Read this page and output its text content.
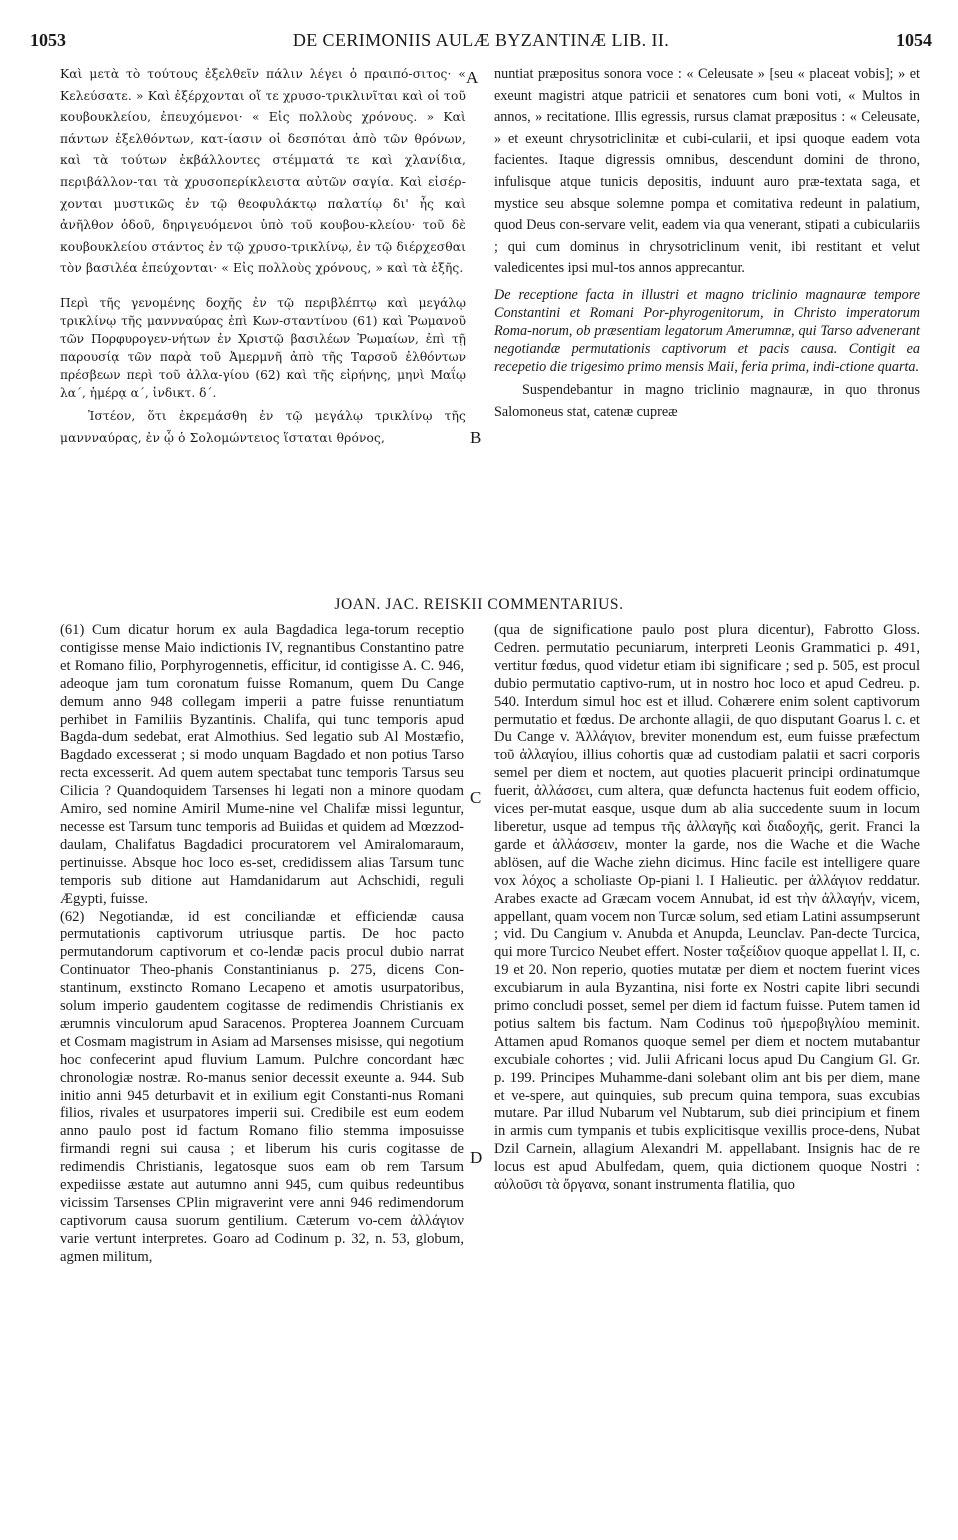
1053	DE CERIMONIIS AULÆ BYZANTINÆ LIB. II.	1054
A
B
C
D

Καὶ μετὰ τὸ τούτους ἐξελθεῖν πάλιν λέγει ὁ πραιπό-σιτος· « Κελεύσατε. » Καὶ ἐξέρχονται οἵ τε χρυσο-τρικλινῖται καὶ οἱ τοῦ κουβουκλείου, ἐπευχόμενοι· « Εἰς πολλοὺς χρόνους. » Καὶ πάντων ἐξελθόντων, κατ-ίασιν οἱ δεσπόται ἀπὸ τῶν θρόνων, καὶ τὰ τούτων ἐκβάλλοντες στέμματά τε καὶ χλανίδια, περιβάλλον-ται τὰ χρυσοπερίκλειστα αὐτῶν σαγία. Καὶ εἰσέρ-χονται μυστικῶς ἐν τῷ θεοφυλάκτῳ παλατίῳ δι' ἧς καὶ ἀνῆλθον ὁδοῦ, δηριγευόμενοι ὑπὸ τοῦ κουβου-κλείου· τοῦ δὲ κουβουκλείου στάντος ἐν τῷ χρυσο-τρικλίνῳ, ἐν τῷ διέρχεσθαι τὸν βασιλέα ἐπεύχονται· « Εἰς πολλοὺς χρόνους, » καὶ τὰ ἑξῆς.

Περὶ τῆς γενομένης δοχῆς ἐν τῷ περιβλέπτῳ καὶ μεγάλῳ τρικλίνῳ τῆς μαννναύρας ἐπὶ Κων-σταντίνου (61) καὶ Ῥωμανοῦ τῶν Πορφυρογεν-νήτων ἐν Χριστῷ βασιλέων Ῥωμαίων, ἐπὶ τῇ παρουσίᾳ τῶν παρὰ τοῦ Ἀμερμνῆ ἀπὸ τῆς Ταρσοῦ ἐλθόντων πρέσβεων περὶ τοῦ ἀλλα-γίου (62) καὶ τῆς εἰρήνης, μηνὶ Μαΐῳ λα΄, ἡμέρᾳ α΄, ἰνδικτ. δ΄.

Ἰστέον, ὅτι ἐκρεμάσθη ἐν τῷ μεγάλῳ τρικλίνῳ τῆς μαννναύρας, ἐν ᾧ ὁ Σολομώντειος ἵσταται θρόνος,

nuntiat præpositus sonora voce : « Celeusate » [seu « placeat vobis]; » et exeunt magistri atque patricii et senatores cum boni voti, « Multos in annos, » recitatione. Illis egressis, rursus clamat præpositus : « Celeusate, » et exeunt chrysotriclinitæ et cubi-cularii, et ipsi quoque eadem vota facientes. Itaque digressis omnibus, descendunt domini de throno, infulisque atque tunicis depositis, induunt auro præ-textata saga, et mystice seu absque solemne pompa et comitativa redeunt in palatium, quod Deus con-servare velit, eadem via qua venerant, stipati a cubiculariis ; qui cum dominus in chrysotriclinum venit, ibi restitant et velut valedicentes ipsi mul-tos annos apprecantur.

De receptione facta in illustri et magno triclinio magnauræ tempore Constantini et Romani Por-phyrogenitorum, in Christo imperatorum Roma-norum, ob præsentiam legatorum Amerumnæ, qui Tarso advenerant negotiandæ permutationis captivorum et pacis causa. Contigit ea recepetio die trigesimo primo mensis Maii, feria prima, indi-ctione quarta.

Suspendebantur in magno triclinio magnauræ, in quo thronus Salomoneus stat, catenæ cupreæ

JOAN. JAC. REISKII COMMENTARIUS.

(61) Cum dicatur horum ex aula Bagdadica lega-torum receptio contigisse mense Maio indictionis IV, regnantibus Constantino patre et Romano filio, Porphyrogennetis, efficitur, id contigisse A. C. 946, adeoque jam tum coronatum fuisse Romanum, quem Du Cange demum anno 948 collegam imperii a patre fuisse renuntiatum perhibet in Familiis Byzantinis. Chalifa, qui tunc temporis apud Bagda-dum sedebat, erat Almothius. Sed legatio sub Al Mostæfio, Bagdado excesserat ; si modo unquam Bagdado et non potius Tarso recta excesserit. Ad quem autem spectabat tunc temporis Tarsus seu Cilicia ? Quandoquidem Tarsenses hi legati non a minore quodam Amiro, sed nomine Amiril Mume-nine vel Chalifæ missi leguntur, necesse est Tarsum tunc temporis ad Buiidas et quidem ad Mœzzod-daulam, Chalifatus Bagdadici procuratorem vel Amiralomaraum, pertinuisse. Absque hoc loco es-set, credidissem alias Tarsum tunc temporis sub ditione aut Hamdanidarum aut Achschidi, reguli Ægypti, fuisse.

(62) Negotiandæ, id est conciliandæ et efficiendæ causa permutationis captivorum utriusque partis. De hoc pacto permutandorum captivorum et co-lendæ pacis procul dubio narrat Continuator Theo-phanis Constantinianus p. 275, dicens Con-stantinum, exstincto Romano Lecapeno et amotis usurpatoribus, solum imperio gaudentem cogitasse de redimendis Christianis ex ærumnis vinculorum apud Saracenos. Propterea Joannem Curcuam et Cosmam magistrum in Asiam ad Marsenses misisse, qui negotium hoc confecerint apud fluvium Lamum. Pulchre concordant hæc chronologiæ nostræ. Ro-manus senior decessit exeunte a. 944. Sub initio anni 945 deturbavit et in exilium egit Constanti-nus Romani filios, rivales et usurpatores imperii sui. Credibile est eum eodem anno paulo post id factum Romano filio stemma imposuisse firmandi regni sui causa ; et liberum his curis cogitasse de redimendis Christianis, legatosque suos eam ob rem Tarsum expediisse æstate aut autumno anni 945, cum quibus redeuntibus vicissim Tarsenses CPlin migraverint vere anni 946 redimendorum captivorum causa suorum gentilium. Cæterum vo-cem ἀλλάγιον varie vertunt interpretes. Goaro ad Codinum p. 32, n. 53, globum, agmen militum,

(qua de significatione paulo post plura dicentur), Fabrotto Gloss. Cedren. permutatio pecuniarum, interpreti Leonis Grammatici p. 491, vertitur fœdus, quod videtur etiam ibi significare ; sed p. 505, est procul dubio permutatio captivo-rum, ut in nostro hoc loco et apud Cedreu. p. 540. Interdum simul hoc est et illud. Cohærere enim solent captivorum permutatio et fœdus. De archonte allagii, de quo disputant Goarus l. c. et Du Cange v. Ἀλλάγιον, breviter monendum est, eum fuisse præfectum τοῦ ἀλλαγίου, illius cohortis quæ ad custodiam palatii et sacri corporis semel per diem et noctem, aut quoties placuerit principi ordinatumque fuerit, ἀλλάσσει, cum altera, quæ defuncta hactenus fuit eodem officio, vices per-mutat easque, usque dum ab alia succedente suum in locum liberetur, usque ad tempus τῆς ἀλλαγῆς καὶ διαδοχῆς, gerit. Franci la garde et ἀλλάσσειν, monter la garde, nos die Wache et die Wache ablösen, auf die Wache ziehn dicimus. Hinc facile est intelligere quare vox λόχος a scholiaste Op-piani l. I Halieutic. per ἀλλάγιον reddatur. Arabes exacte ad Græcam vocem Annubat, id est τὴν ἀλλαγήν, vicem, appellant, quam vocem non Turcæ solum, sed etiam Latini assumpserunt ; vid. Du Cangium v. Anubda et Anupda, Leunclav. Pan-decte Turcica, qui more Turcico Neubet effert. Noster ταξείδιον quoque appellat l. II, c. 19 et 20. Non reperio, quoties mutatæ per diem et noctem fuerint vices excubiarum in aula Byzantina, nisi forte ex Nostri capite libri secundi primo concludi posset, semel per diem id factum fuisse. Putem tamen id potius saltem bis factum. Nam Codinus τοῦ ἡμεροβιγλίου meminit. Attamen apud Romanos quoque semel per diem et noctem mutabantur excubiale cohortes ; vid. Julii Africani locus apud Du Cangium Gl. Gr. p. 199. Principes Muhamme-dani solebant olim ant bis per diem, mane et ve-spere, aut quinquies, sub precum quina tempora, suas excubias mutare. Par illud Nubarum vel Nubtarum, sub diei principium et finem in armis cum tympanis et tubis explicitisque vexillis proce-dens, Nubat Dzil Carnein, allagium Alexandri M. appellabant. Insignis hac de re locus est apud Abulfedam, quem, quia dictionem quoque Nostri : αὐλοῦσι τὰ ὄργανα, sonant instrumenta flatilia, quo
